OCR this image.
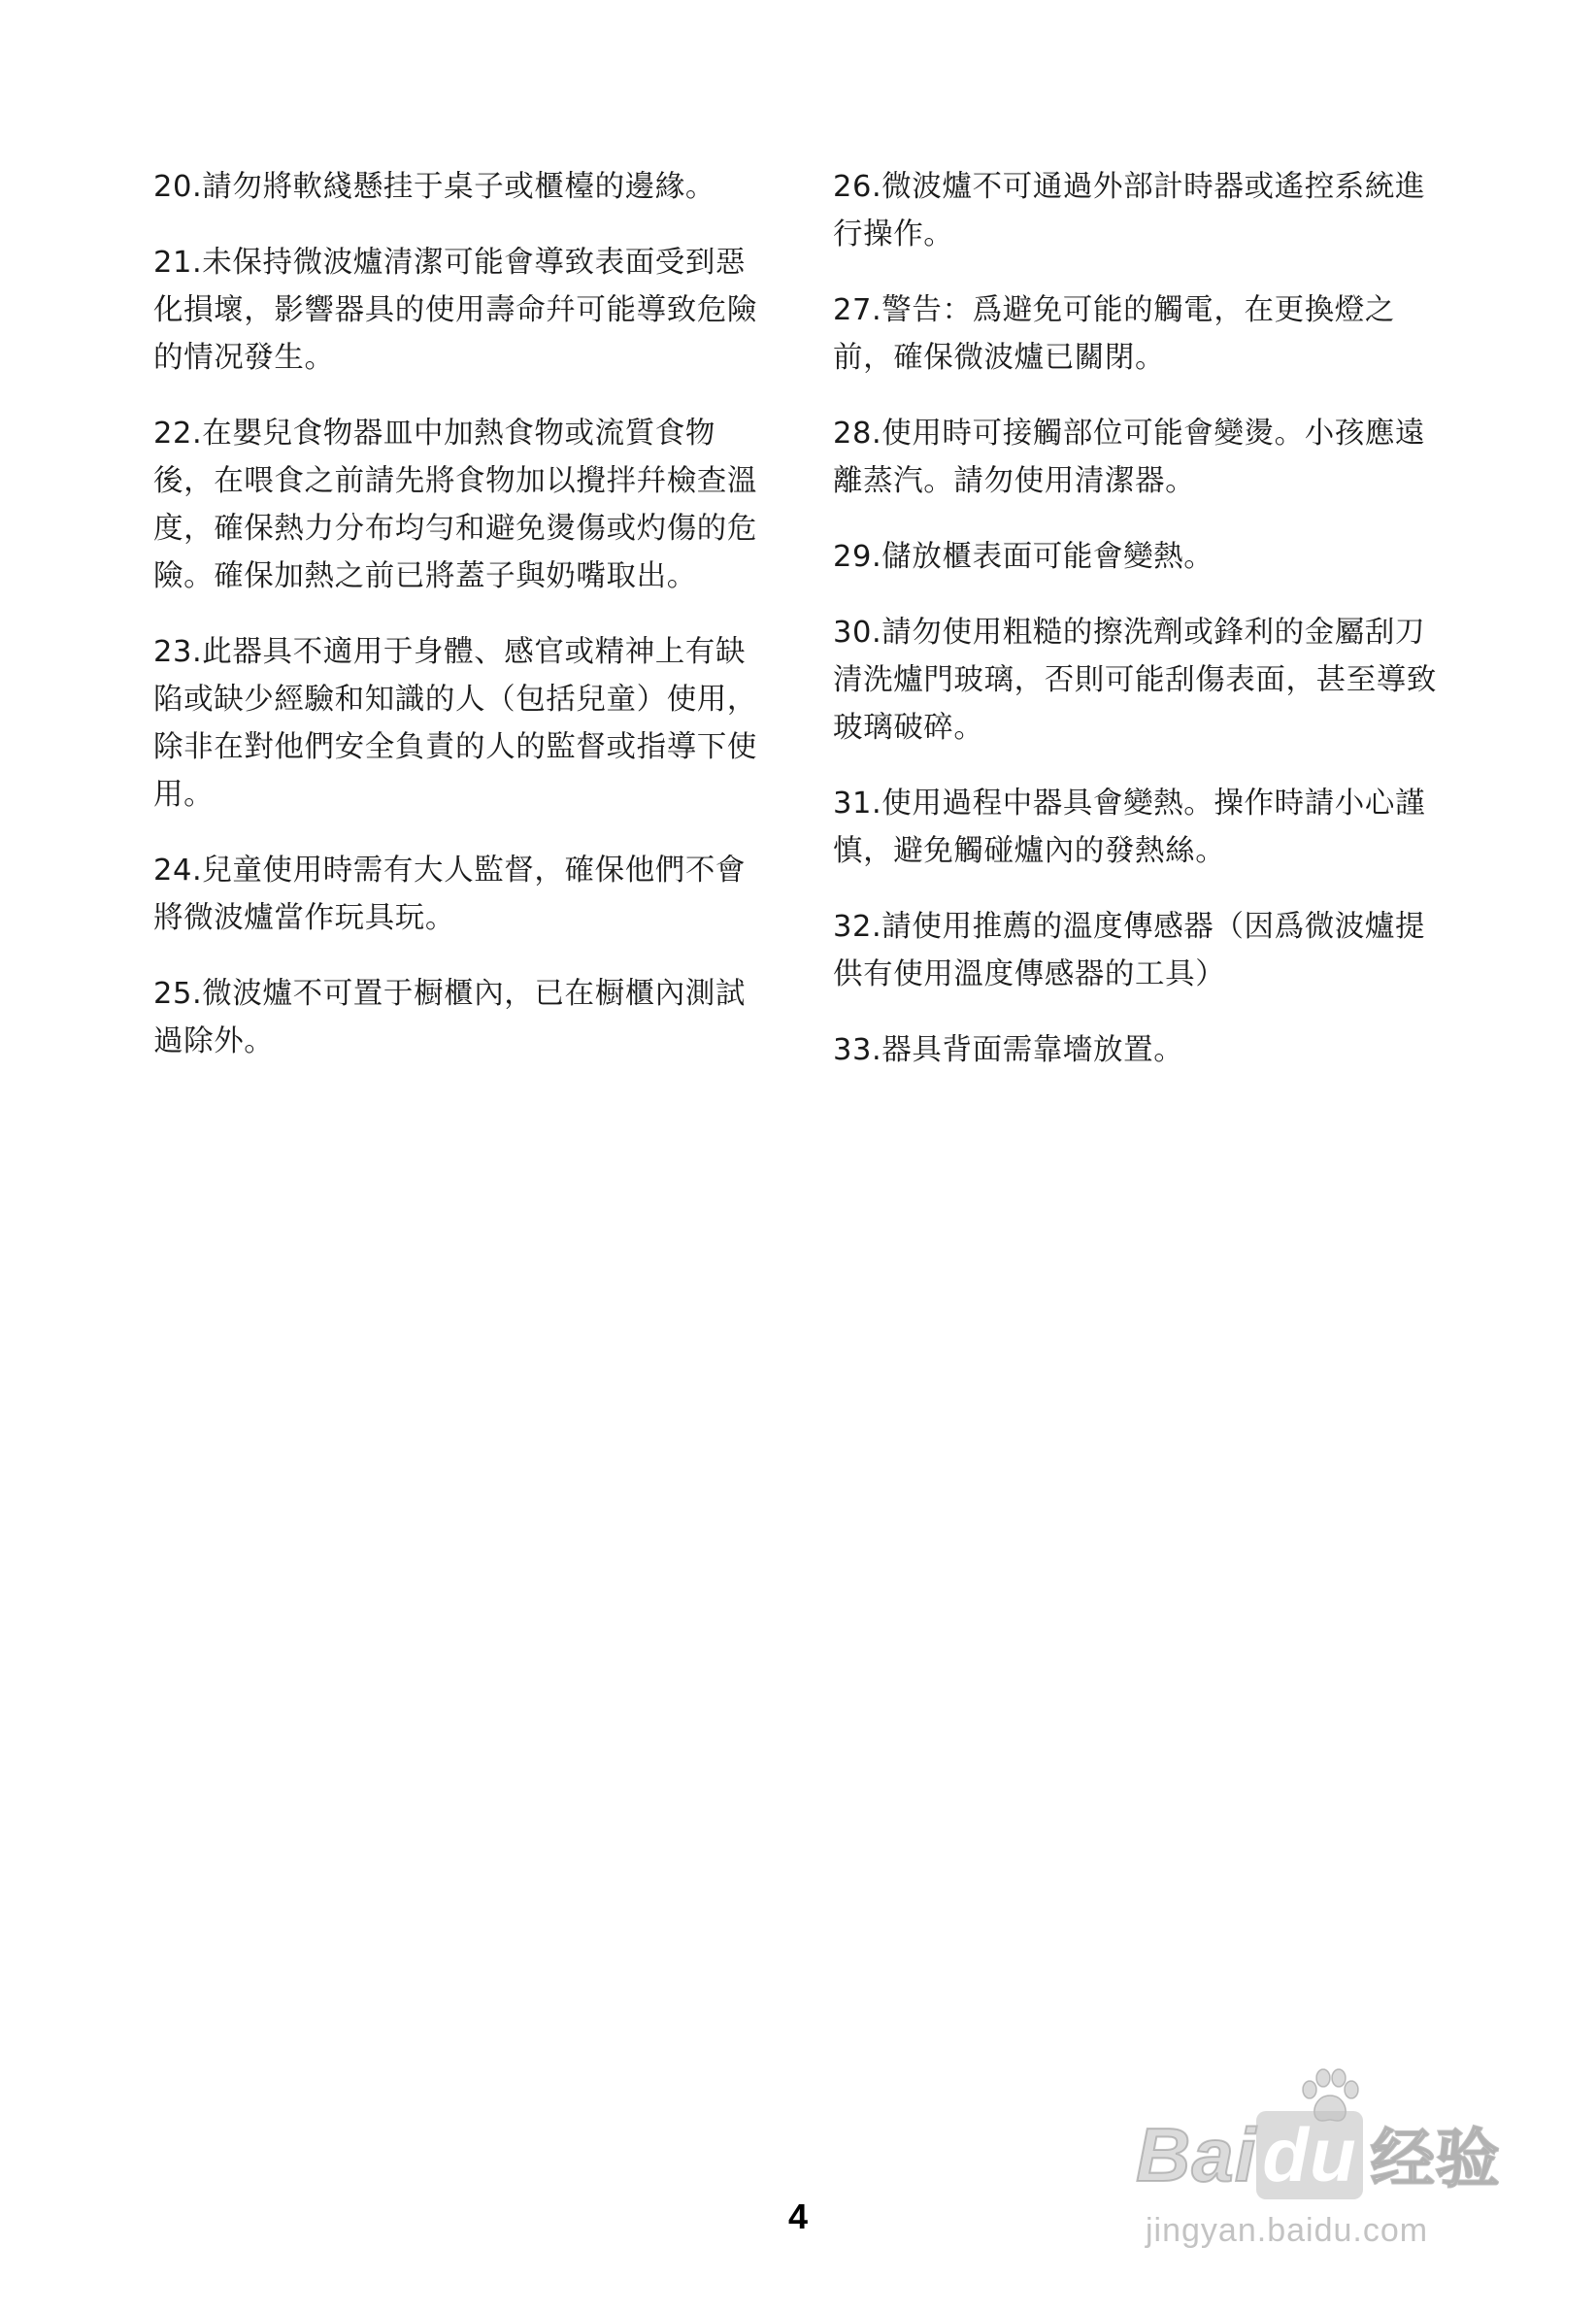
20.請勿將軟綫懸挂于桌子或櫃檯的邊緣。

21.未保持微波爐清潔可能會導致表面受到惡化損壞，影響器具的使用壽命幷可能導致危險的情况發生。

22.在嬰兒食物器皿中加熱食物或流質食物後，在喂食之前請先將食物加以攪拌幷檢查溫度，確保熱力分布均勻和避免燙傷或灼傷的危險。確保加熱之前已將蓋子與奶嘴取出。

23.此器具不適用于身體、感官或精神上有缺陷或缺少經驗和知識的人（包括兒童）使用，除非在對他們安全負責的人的監督或指導下使用。

24.兒童使用時需有大人監督，確保他們不會將微波爐當作玩具玩。

25.微波爐不可置于橱櫃內，已在橱櫃內測試過除外。

26.微波爐不可通過外部計時器或遙控系統進行操作。

27.警告：爲避免可能的觸電，在更換燈之前，確保微波爐已關閉。

28.使用時可接觸部位可能會變燙。小孩應遠離蒸汽。請勿使用清潔器。

29.儲放櫃表面可能會變熱。

30.請勿使用粗糙的擦洗劑或鋒利的金屬刮刀清洗爐門玻璃，否則可能刮傷表面，甚至導致玻璃破碎。

31.使用過程中器具會變熱。操作時請小心謹慎，避免觸碰爐內的發熱絲。

32.請使用推薦的溫度傳感器（因爲微波爐提供有使用溫度傳感器的工具）

33.器具背面需靠墻放置。

4
Baidu 经验
jingyan.baidu.com
